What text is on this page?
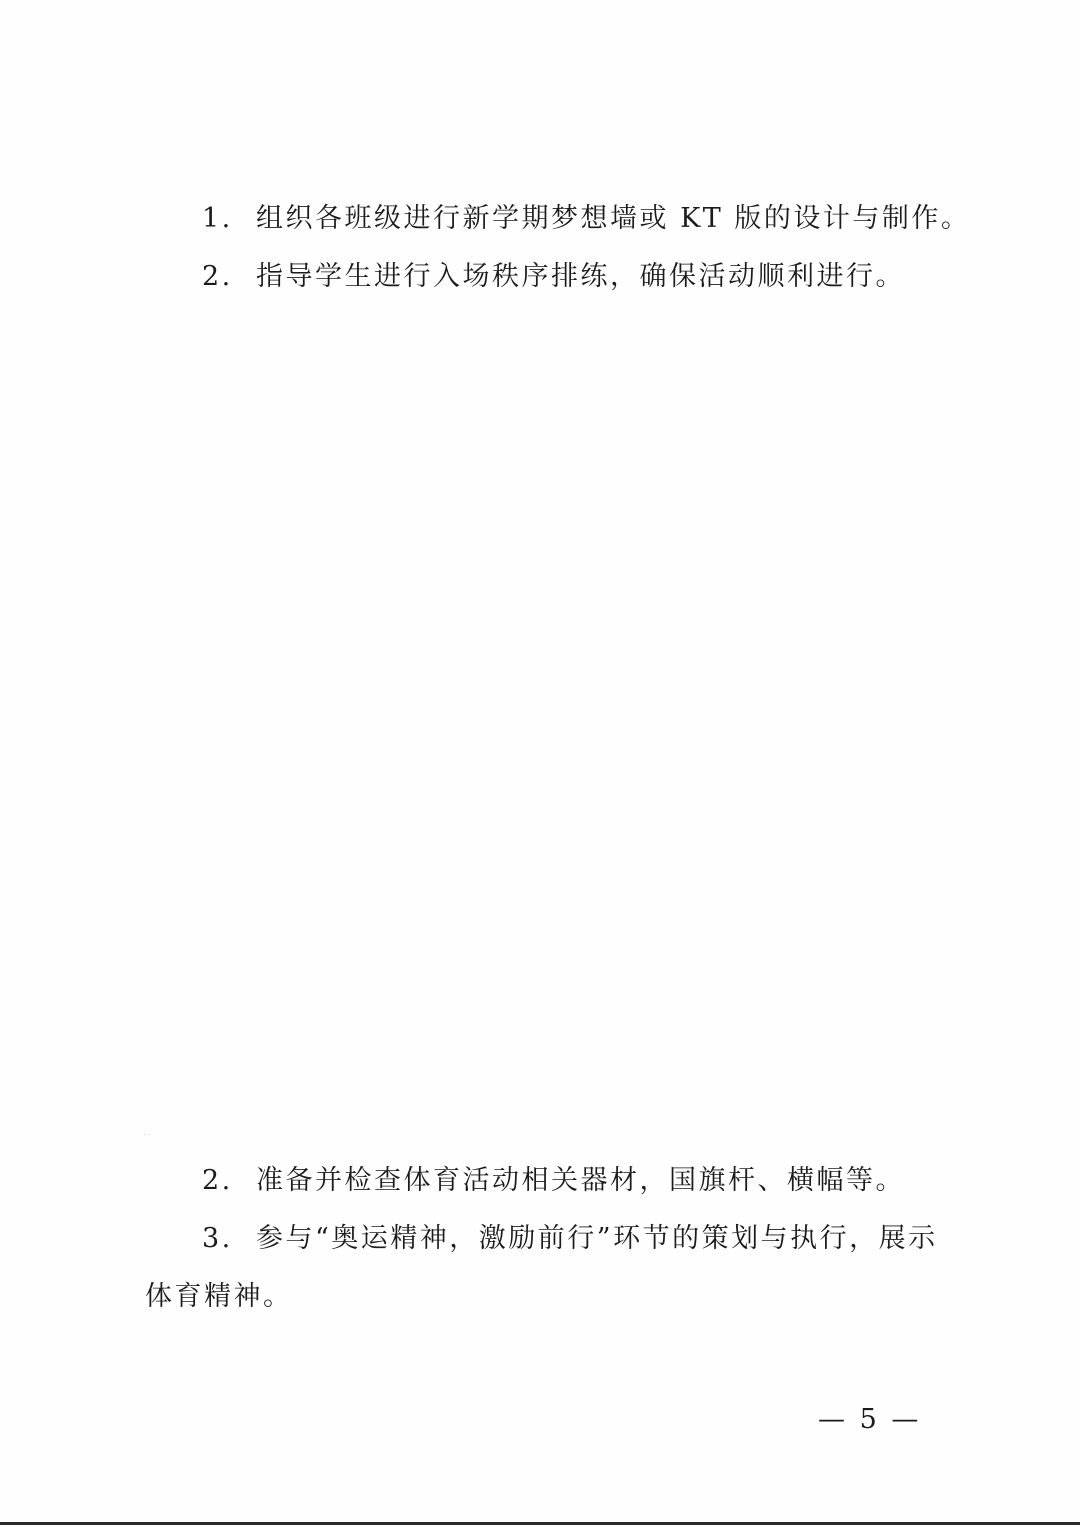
1. 组织各班级进行新学期梦想墙或 KT 版的设计与制作。
2. 指导学生进行入场秩序排练，确保活动顺利进行。
· ·
2. 准备并检查体育活动相关器材，国旗杆、横幅等。
3. 参与“奥运精神，激励前行”环节的策划与执行，展示
体育精神。
— 5 —
